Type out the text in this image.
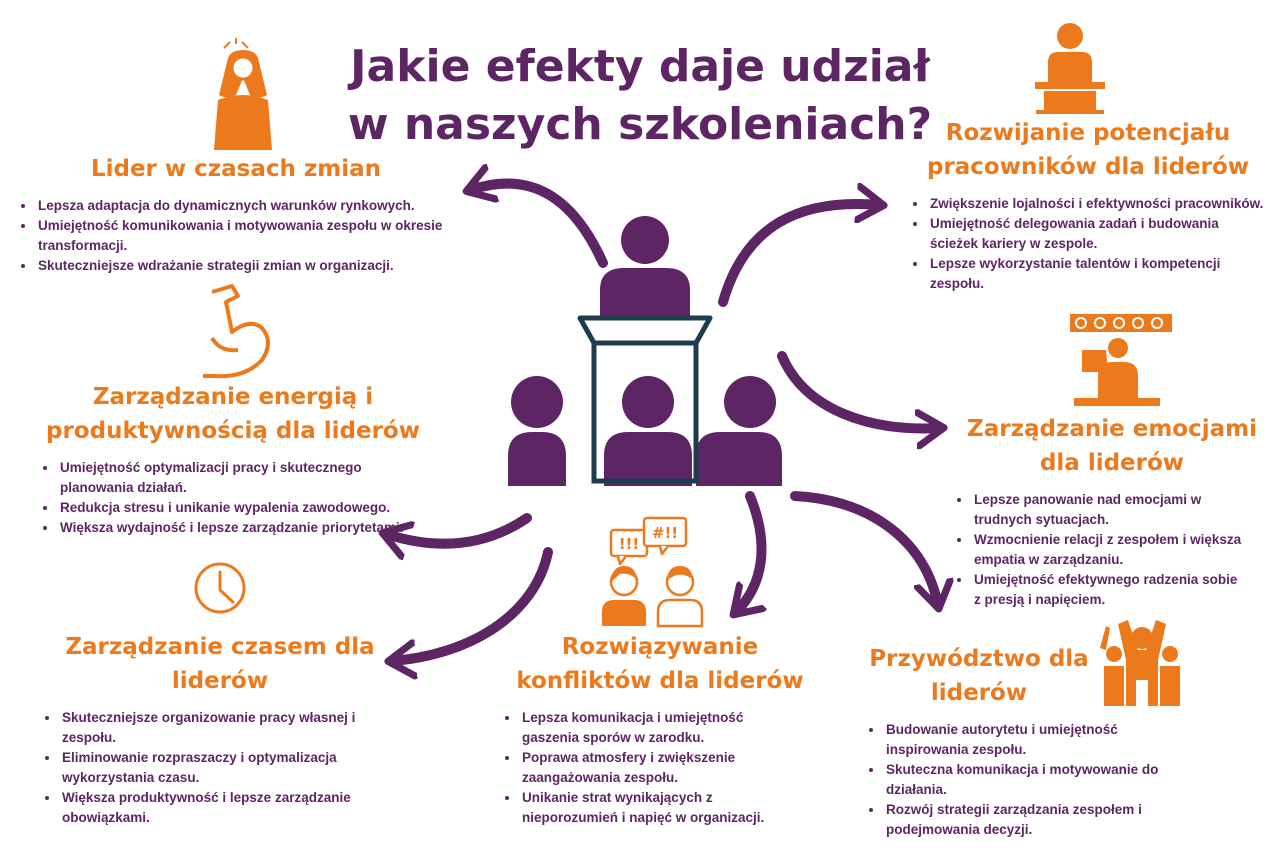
!!!
#!!
Jakie efekty daje udział
w naszych szkoleniach?
Lider w czasach zmian
• Lepsza adaptacja do dynamicznych warunków rynkowych.
• Umiejętność komunikowania i motywowania zespołu w okresie transformacji.
• Skuteczniejsze wdrażanie strategii zmian w organizacji.
Rozwijanie potencjału
pracowników dla liderów
• Zwiększenie lojalności i efektywności pracowników.
• Umiejętność delegowania zadań i budowania ścieżek kariery w zespole.
• Lepsze wykorzystanie talentów i kompetencji zespołu.
Zarządzanie energią i
produktywnością dla liderów
• Umiejętność optymalizacji pracy i skutecznego planowania działań.
• Redukcja stresu i unikanie wypalenia zawodowego.
• Większa wydajność i lepsze zarządzanie priorytetami.
Zarządzanie emocjami
dla liderów
• Lepsze panowanie nad emocjami w trudnych sytuacjach.
• Wzmocnienie relacji z zespołem i większa empatia w zarządzaniu.
• Umiejętność efektywnego radzenia sobie z presją i napięciem.
Zarządzanie czasem dla
liderów
• Skuteczniejsze organizowanie pracy własnej i zespołu.
• Eliminowanie rozpraszaczy i optymalizacja wykorzystania czasu.
• Większa produktywność i lepsze zarządzanie obowiązkami.
Rozwiązywanie
konfliktów dla liderów
• Lepsza komunikacja i umiejętność gaszenia sporów w zarodku.
• Poprawa atmosfery i zwiększenie zaangażowania zespołu.
• Unikanie strat wynikających z nieporozumień i napięć w organizacji.
Przywództwo dla
liderów
• Budowanie autorytetu i umiejętność inspirowania zespołu.
• Skuteczna komunikacja i motywowanie do działania.
• Rozwój strategii zarządzania zespołem i podejmowania decyzji.
